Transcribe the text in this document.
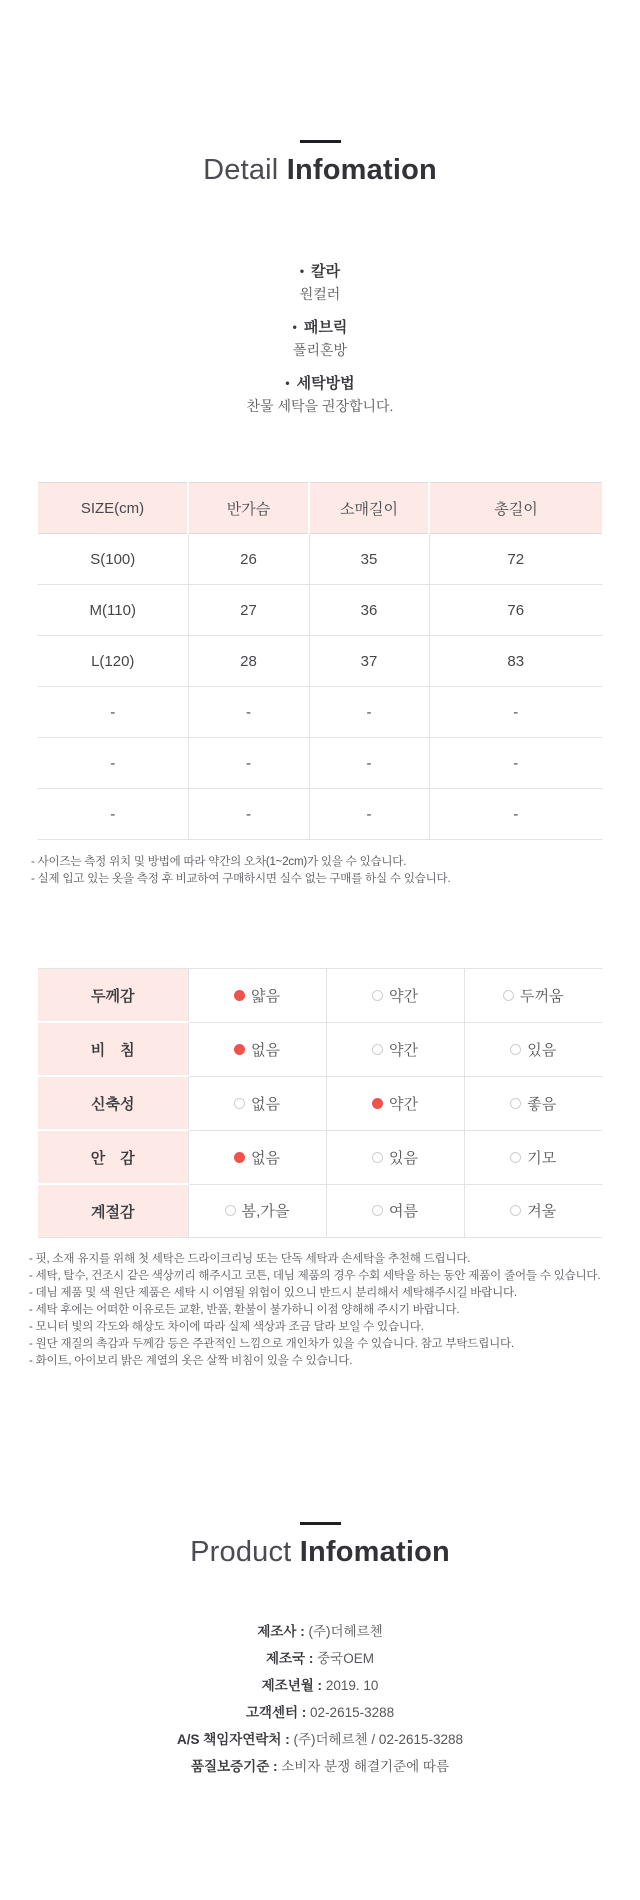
Detail Infomation
• 칼라
원컬러
• 패브릭
폴리혼방
• 세탁방법
찬물 세탁을 권장합니다.
SIZE(cm)	반가슴	소매길이	총길이
S(100)	26	35	72
M(110)	27	36	76
L(120)	28	37	83
-	-	-	-
-	-	-	-
-	-	-	-
- 사이즈는 측정 위치 및 방법에 따라 약간의 오차(1~2cm)가 있을 수 있습니다.
- 실제 입고 있는 옷을 측정 후 비교하여 구매하시면 실수 없는 구매를 하실 수 있습니다.
두께감	얇음	약간	두꺼움

비　침	없음	약간	있음

신축성	없음	약간	좋음

안　감	없음	있음	기모

계절감	봄,가을	여름	겨울
- 핏, 소재 유지를 위해 첫 세탁은 드라이크리닝 또는 단독 세탁과 손세탁을 추천해 드립니다.
- 세탁, 탈수, 건조시 같은 색상끼리 해주시고 코튼, 데님 제품의 경우 수회 세탁을 하는 동안 제품이 줄어들 수 있습니다.
- 데님 제품 및 색 원단 제품은 세탁 시 이염될 위험이 있으니 반드시 분리해서 세탁해주시길 바랍니다.
- 세탁 후에는 어떠한 이유로든 교환, 반품, 환불이 불가하니 이점 양해해 주시기 바랍니다.
- 모니터 빛의 각도와 해상도 차이에 따라 실제 색상과 조금 달라 보일 수 있습니다.
- 원단 재질의 촉감과 두께감 등은 주관적인 느낌으로 개인차가 있을 수 있습니다. 참고 부탁드립니다.
- 화이트, 아이보리 밝은 계열의 옷은 살짝 비침이 있을 수 있습니다.
Product Infomation
제조사 : (주)더헤르첸
제조국 : 중국OEM
제조년월 : 2019. 10
고객센터 : 02-2615-3288
A/S 책임자연락처 : (주)더헤르첸 / 02-2615-3288
품질보증기준 : 소비자 분쟁 해결기준에 따름
